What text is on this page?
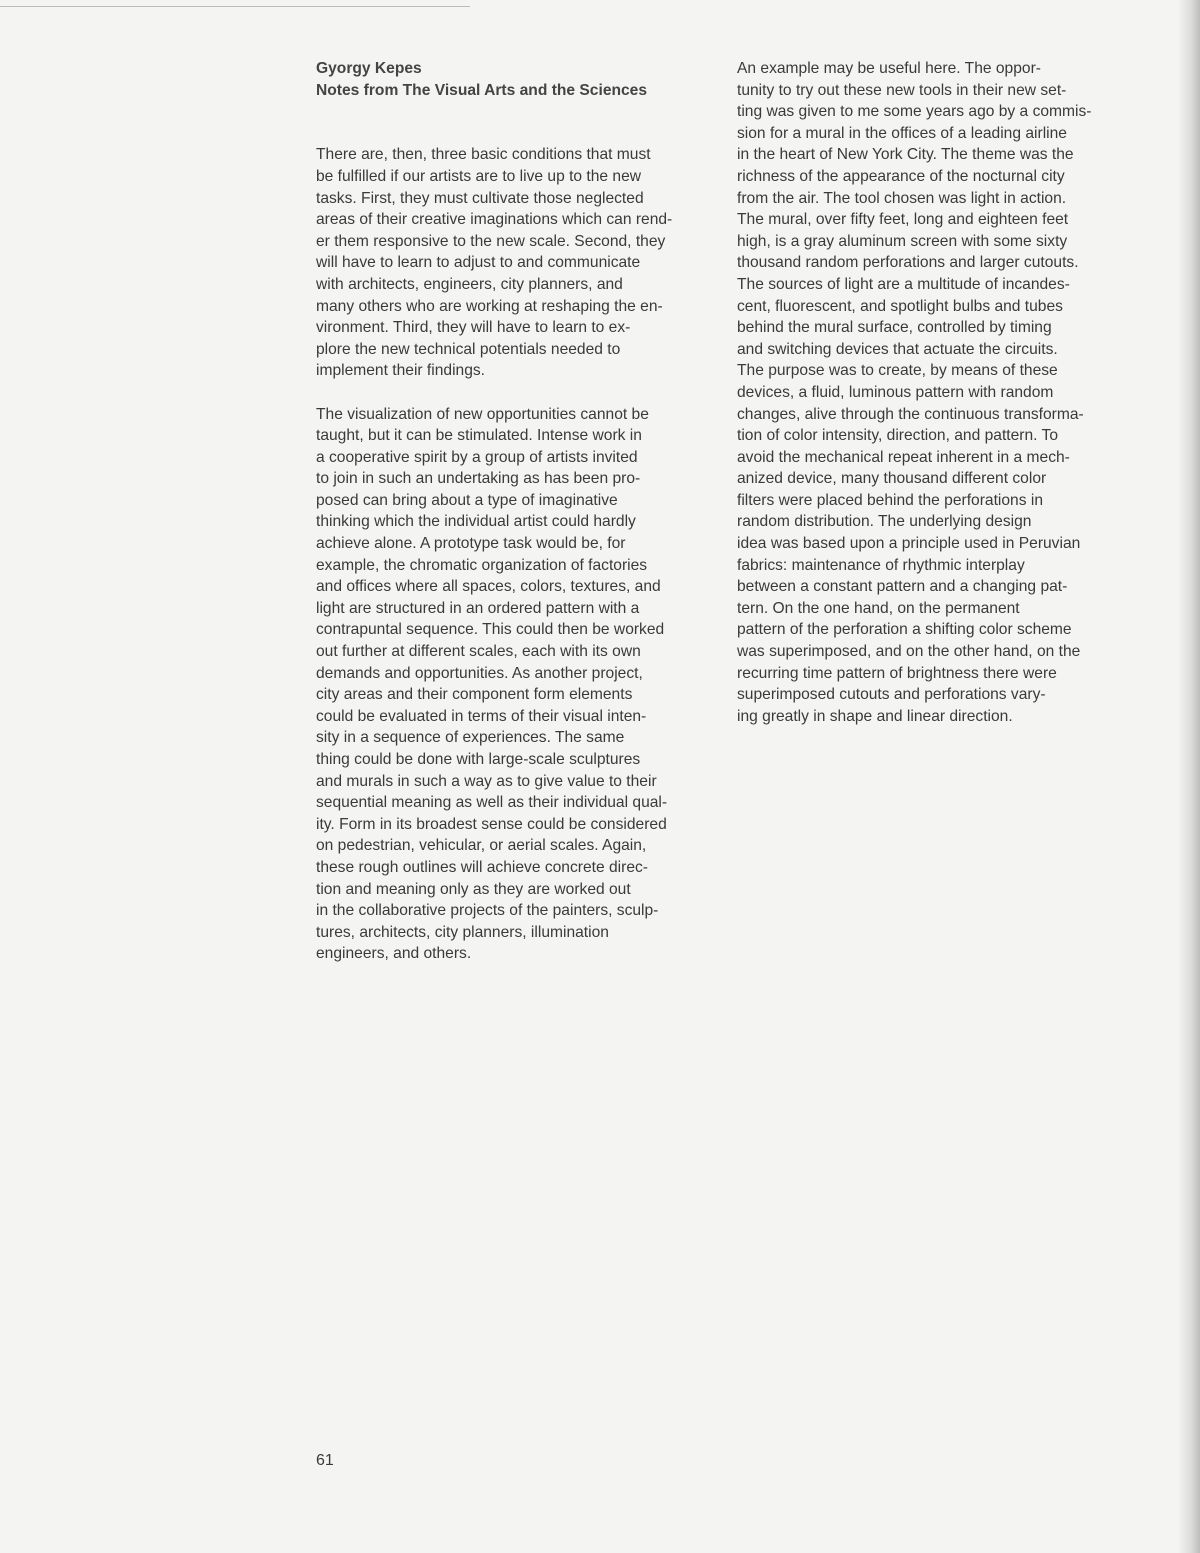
Gyorgy Kepes
Notes from The Visual Arts and the Sciences
There are, then, three basic conditions that must
be fulfilled if our artists are to live up to the new
tasks. First, they must cultivate those neglected
areas of their creative imaginations which can rend-
er them responsive to the new scale. Second, they
will have to learn to adjust to and communicate
with architects, engineers, city planners, and
many others who are working at reshaping the en-
vironment. Third, they will have to learn to ex-
plore the new technical potentials needed to
implement their findings.
The visualization of new opportunities cannot be
taught, but it can be stimulated. Intense work in
a cooperative spirit by a group of artists invited
to join in such an undertaking as has been pro-
posed can bring about a type of imaginative
thinking which the individual artist could hardly
achieve alone. A prototype task would be, for
example, the chromatic organization of factories
and offices where all spaces, colors, textures, and
light are structured in an ordered pattern with a
contrapuntal sequence. This could then be worked
out further at different scales, each with its own
demands and opportunities. As another project,
city areas and their component form elements
could be evaluated in terms of their visual inten-
sity in a sequence of experiences. The same
thing could be done with large-scale sculptures
and murals in such a way as to give value to their
sequential meaning as well as their individual qual-
ity. Form in its broadest sense could be considered
on pedestrian, vehicular, or aerial scales. Again,
these rough outlines will achieve concrete direc-
tion and meaning only as they are worked out
in the collaborative projects of the painters, sculp-
tures, architects, city planners, illumination
engineers, and others.
An example may be useful here. The oppor-
tunity to try out these new tools in their new set-
ting was given to me some years ago by a commis-
sion for a mural in the offices of a leading airline
in the heart of New York City. The theme was the
richness of the appearance of the nocturnal city
from the air. The tool chosen was light in action.
The mural, over fifty feet, long and eighteen feet
high, is a gray aluminum screen with some sixty
thousand random perforations and larger cutouts.
The sources of light are a multitude of incandes-
cent, fluorescent, and spotlight bulbs and tubes
behind the mural surface, controlled by timing
and switching devices that actuate the circuits.
The purpose was to create, by means of these
devices, a fluid, luminous pattern with random
changes, alive through the continuous transforma-
tion of color intensity, direction, and pattern. To
avoid the mechanical repeat inherent in a mech-
anized device, many thousand different color
filters were placed behind the perforations in
random distribution. The underlying design
idea was based upon a principle used in Peruvian
fabrics: maintenance of rhythmic interplay
between a constant pattern and a changing pat-
tern. On the one hand, on the permanent
pattern of the perforation a shifting color scheme
was superimposed, and on the other hand, on the
recurring time pattern of brightness there were
superimposed cutouts and perforations vary-
ing greatly in shape and linear direction.
61
